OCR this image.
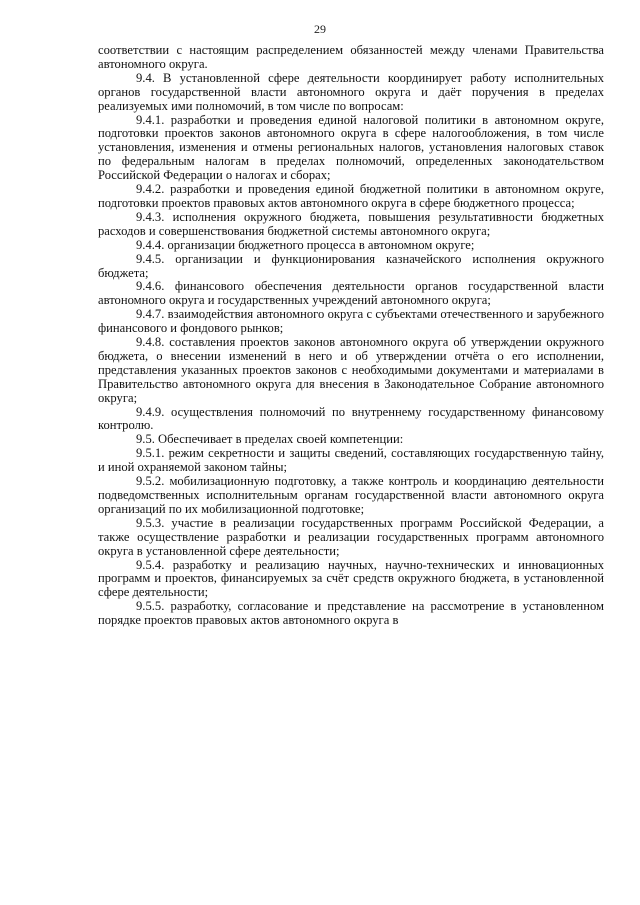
29

соответствии с настоящим распределением обязанностей между членами Правительства автономного округа.

9.4. В установленной сфере деятельности координирует работу исполнительных органов государственной власти автономного округа и даёт поручения в пределах реализуемых ими полномочий, в том числе по вопросам:

9.4.1. разработки и проведения единой налоговой политики в автономном округе, подготовки проектов законов автономного округа в сфере налогообложения, в том числе установления, изменения и отмены региональных налогов, установления налоговых ставок по федеральным налогам в пределах полномочий, определенных законодательством Российской Федерации о налогах и сборах;

9.4.2. разработки и проведения единой бюджетной политики в автономном округе, подготовки проектов правовых актов автономного округа в сфере бюджетного процесса;

9.4.3. исполнения окружного бюджета, повышения результативности бюджетных расходов и совершенствования бюджетной системы автономного округа;

9.4.4. организации бюджетного процесса в автономном округе;

9.4.5. организации и функционирования казначейского исполнения окружного бюджета;

9.4.6. финансового обеспечения деятельности органов государственной власти автономного округа и государственных учреждений автономного округа;

9.4.7. взаимодействия автономного округа с субъектами отечественного и зарубежного финансового и фондового рынков;

9.4.8. составления проектов законов автономного округа об утверждении окружного бюджета, о внесении изменений в него и об утверждении отчёта о его исполнении, представления указанных проектов законов с необходимыми документами и материалами в Правительство автономного округа для внесения в Законодательное Собрание автономного округа;

9.4.9. осуществления полномочий по внутреннему государственному финансовому контролю.

9.5. Обеспечивает в пределах своей компетенции:

9.5.1. режим секретности и защиты сведений, составляющих государственную тайну, и иной охраняемой законом тайны;

9.5.2. мобилизационную подготовку, а также контроль и координацию деятельности подведомственных исполнительным органам государственной власти автономного округа организаций по их мобилизационной подготовке;

9.5.3. участие в реализации государственных программ Российской Федерации, а также осуществление разработки и реализации государственных программ автономного округа в установленной сфере деятельности;

9.5.4. разработку и реализацию научных, научно-технических и инновационных программ и проектов, финансируемых за счёт средств окружного бюджета, в установленной сфере деятельности;

9.5.5. разработку, согласование и представление на рассмотрение в установленном порядке проектов правовых актов автономного округа в
